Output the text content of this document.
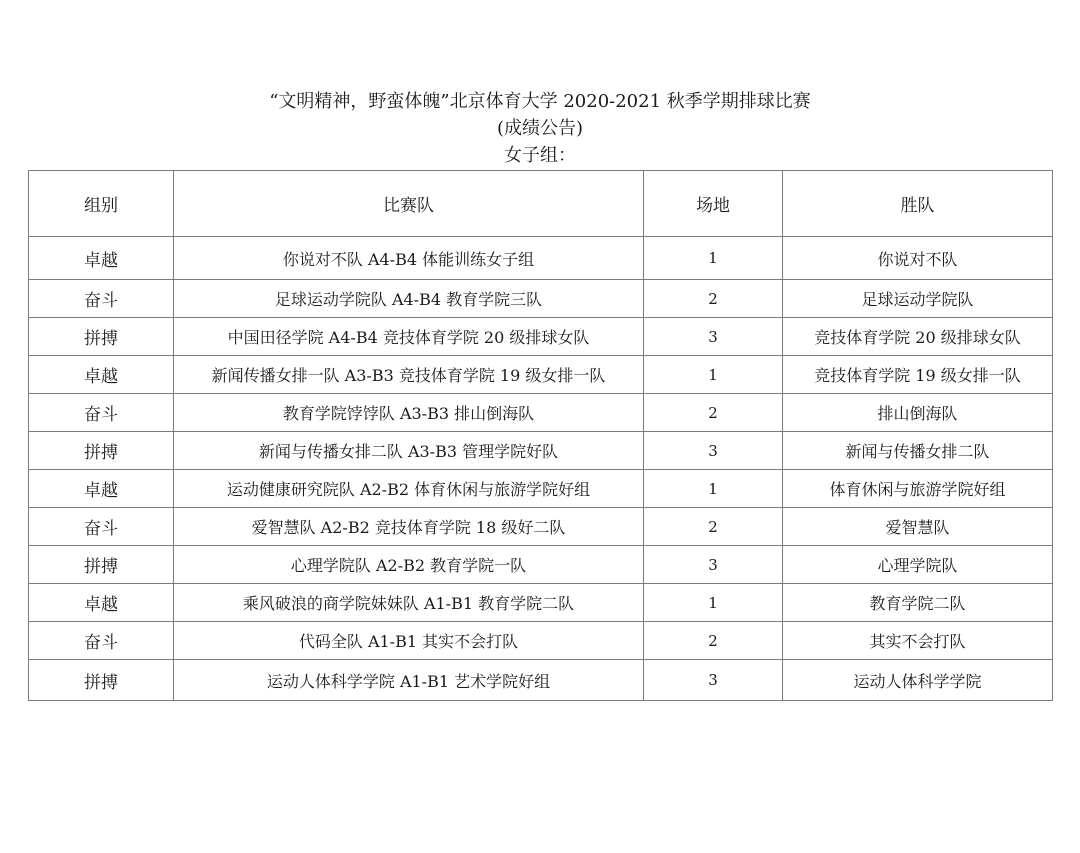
“文明精神，野蛮体魄”北京体育大学 2020-2021 秋季学期排球比赛
(成绩公告)
女子组：
组别	比赛队	场地	胜队
卓越	你说对不队 A4-B4 体能训练女子组	1	你说对不队
奋斗	足球运动学院队 A4-B4 教育学院三队	2	足球运动学院队
拼搏	中国田径学院 A4-B4 竞技体育学院 20 级排球女队	3	竞技体育学院 20 级排球女队
卓越	新闻传播女排一队 A3-B3 竞技体育学院 19 级女排一队	1	竞技体育学院 19 级女排一队
奋斗	教育学院饽饽队 A3-B3 排山倒海队	2	排山倒海队
拼搏	新闻与传播女排二队 A3-B3 管理学院好队	3	新闻与传播女排二队
卓越	运动健康研究院队 A2-B2 体育休闲与旅游学院好组	1	体育休闲与旅游学院好组
奋斗	爱智慧队 A2-B2 竞技体育学院 18 级好二队	2	爱智慧队
拼搏	心理学院队 A2-B2 教育学院一队	3	心理学院队
卓越	乘风破浪的商学院妹妹队 A1-B1 教育学院二队	1	教育学院二队
奋斗	代码全队 A1-B1 其实不会打队	2	其实不会打队
拼搏	运动人体科学学院 A1-B1 艺术学院好组	3	运动人体科学学院
